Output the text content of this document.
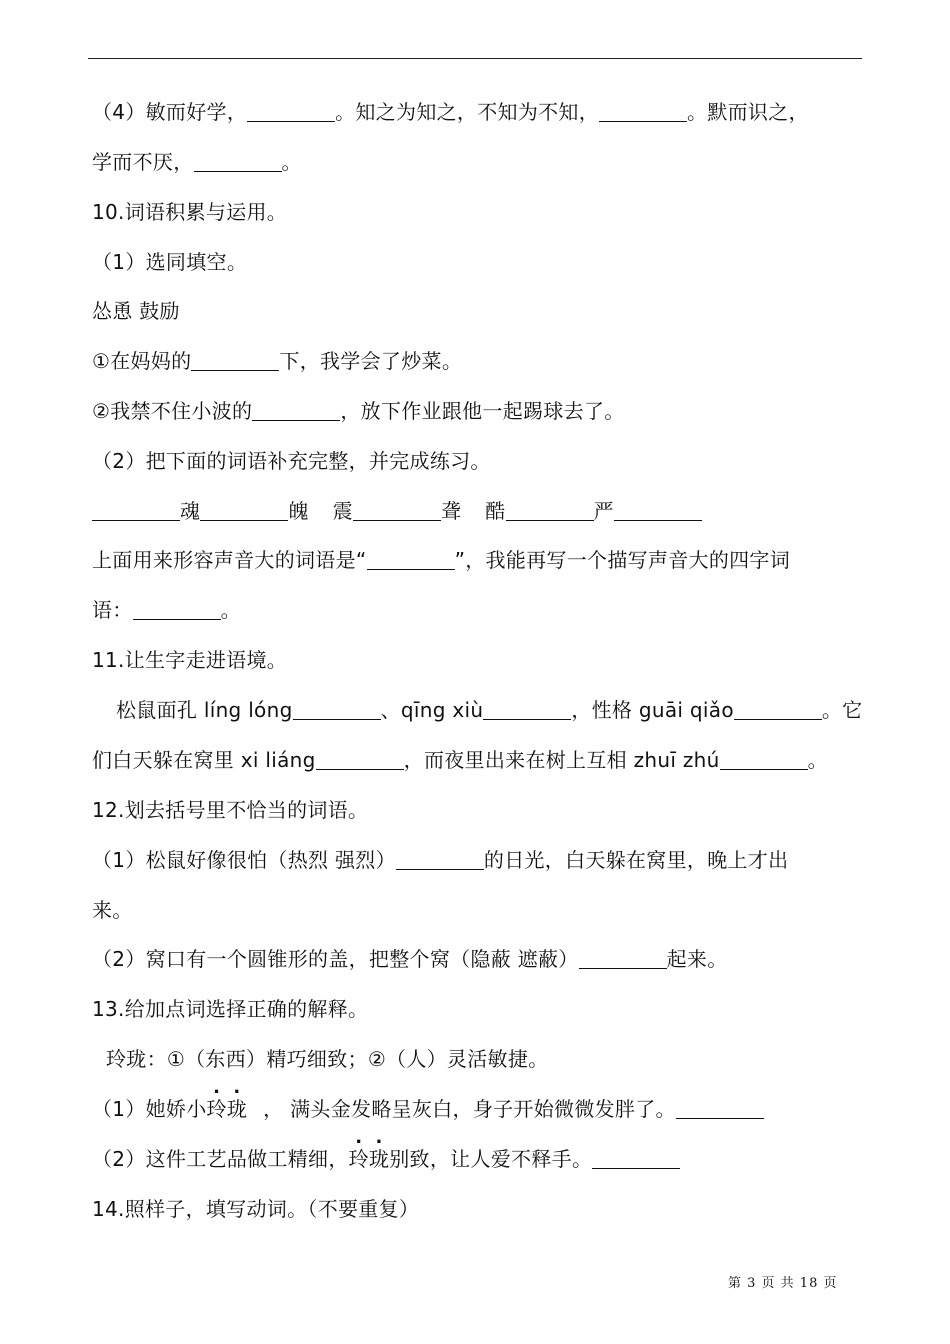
（4）敏而好学，	。知之为知之，不知为不知，	。默而识之，
学而不厌，	。
10.词语积累与运用。
（1）选同填空。
怂恿 鼓励
①在妈妈的	下，我学会了炒菜。
②我禁不住小波的	，放下作业跟他一起踢球去了。
（2）把下面的词语补充完整，并完成练习。
魂	魄 震	聋 酷	严
上面用来形容声音大的词语是“	”，我能再写一个描写声音大的四字词
语：	。
11.让生字走进语境。
松鼠面孔 líng lóng	、qīng xiù	，性格 guāi qiǎo	。它
们白天躲在窝里 xi liáng	，而夜里出来在树上互相 zhuī zhú	。
12.划去括号里不恰当的词语。
（1）松鼠好像很怕（热烈 强烈）	的日光，白天躲在窝里，晚上才出
来。
（2）窝口有一个圆锥形的盖，把整个窝（隐蔽 遮蔽）	起来。
13.给加点词选择正确的解释。
玲珑：①（东西）精巧细致；②（人）灵活敏捷。
（1）她娇小玲珑 ， 满头金发略呈灰白，身子开始微微发胖了。
（2）这件工艺品做工精细，玲珑别致，让人爱不释手。
14.照样子，填写动词。（不要重复）
第 3 页 共 18 页
